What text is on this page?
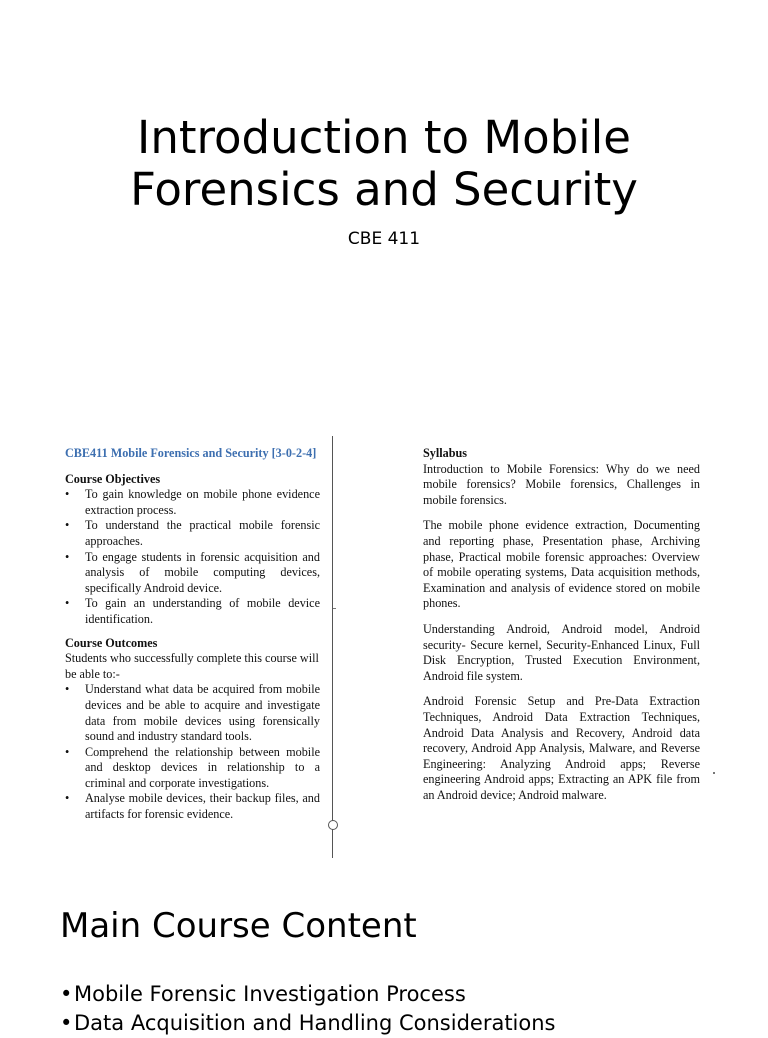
Introduction to Mobile
Forensics and Security
CBE 411

CBE411 Mobile Forensics and Security [3-0-2-4]

Course Objectives

• To gain knowledge on mobile phone evidence extraction process.
• To understand the practical mobile forensic approaches.
• To engage students in forensic acquisition and analysis of mobile computing devices, specifically Android device.
• To gain an understanding of mobile device identification.

Course Outcomes

Students who successfully complete this course will be able to:-

• Understand what data be acquired from mobile devices and be able to acquire and investigate data from mobile devices using forensically sound and industry standard tools.
• Comprehend the relationship between mobile and desktop devices in relationship to a criminal and corporate investigations.
• Analyse mobile devices, their backup files, and artifacts for forensic evidence.

Syllabus

Introduction to Mobile Forensics: Why do we need mobile forensics? Mobile forensics, Challenges in mobile forensics.

The mobile phone evidence extraction, Documenting and reporting phase, Presentation phase, Archiving phase, Practical mobile forensic approaches: Overview of mobile operating systems, Data acquisition methods, Examination and analysis of evidence stored on mobile phones.

Understanding Android, Android model, Android security- Secure kernel, Security-Enhanced Linux, Full Disk Encryption, Trusted Execution Environment, Android file system.

Android Forensic Setup and Pre-Data Extraction Techniques, Android Data Extraction Techniques, Android Data Analysis and Recovery, Android data recovery, Android App Analysis, Malware, and Reverse Engineering: Analyzing Android apps; Reverse engineering Android apps; Extracting an APK file from an Android device; Android malware.

Main Course Content
• Mobile Forensic Investigation Process
• Data Acquisition and Handling Considerations
